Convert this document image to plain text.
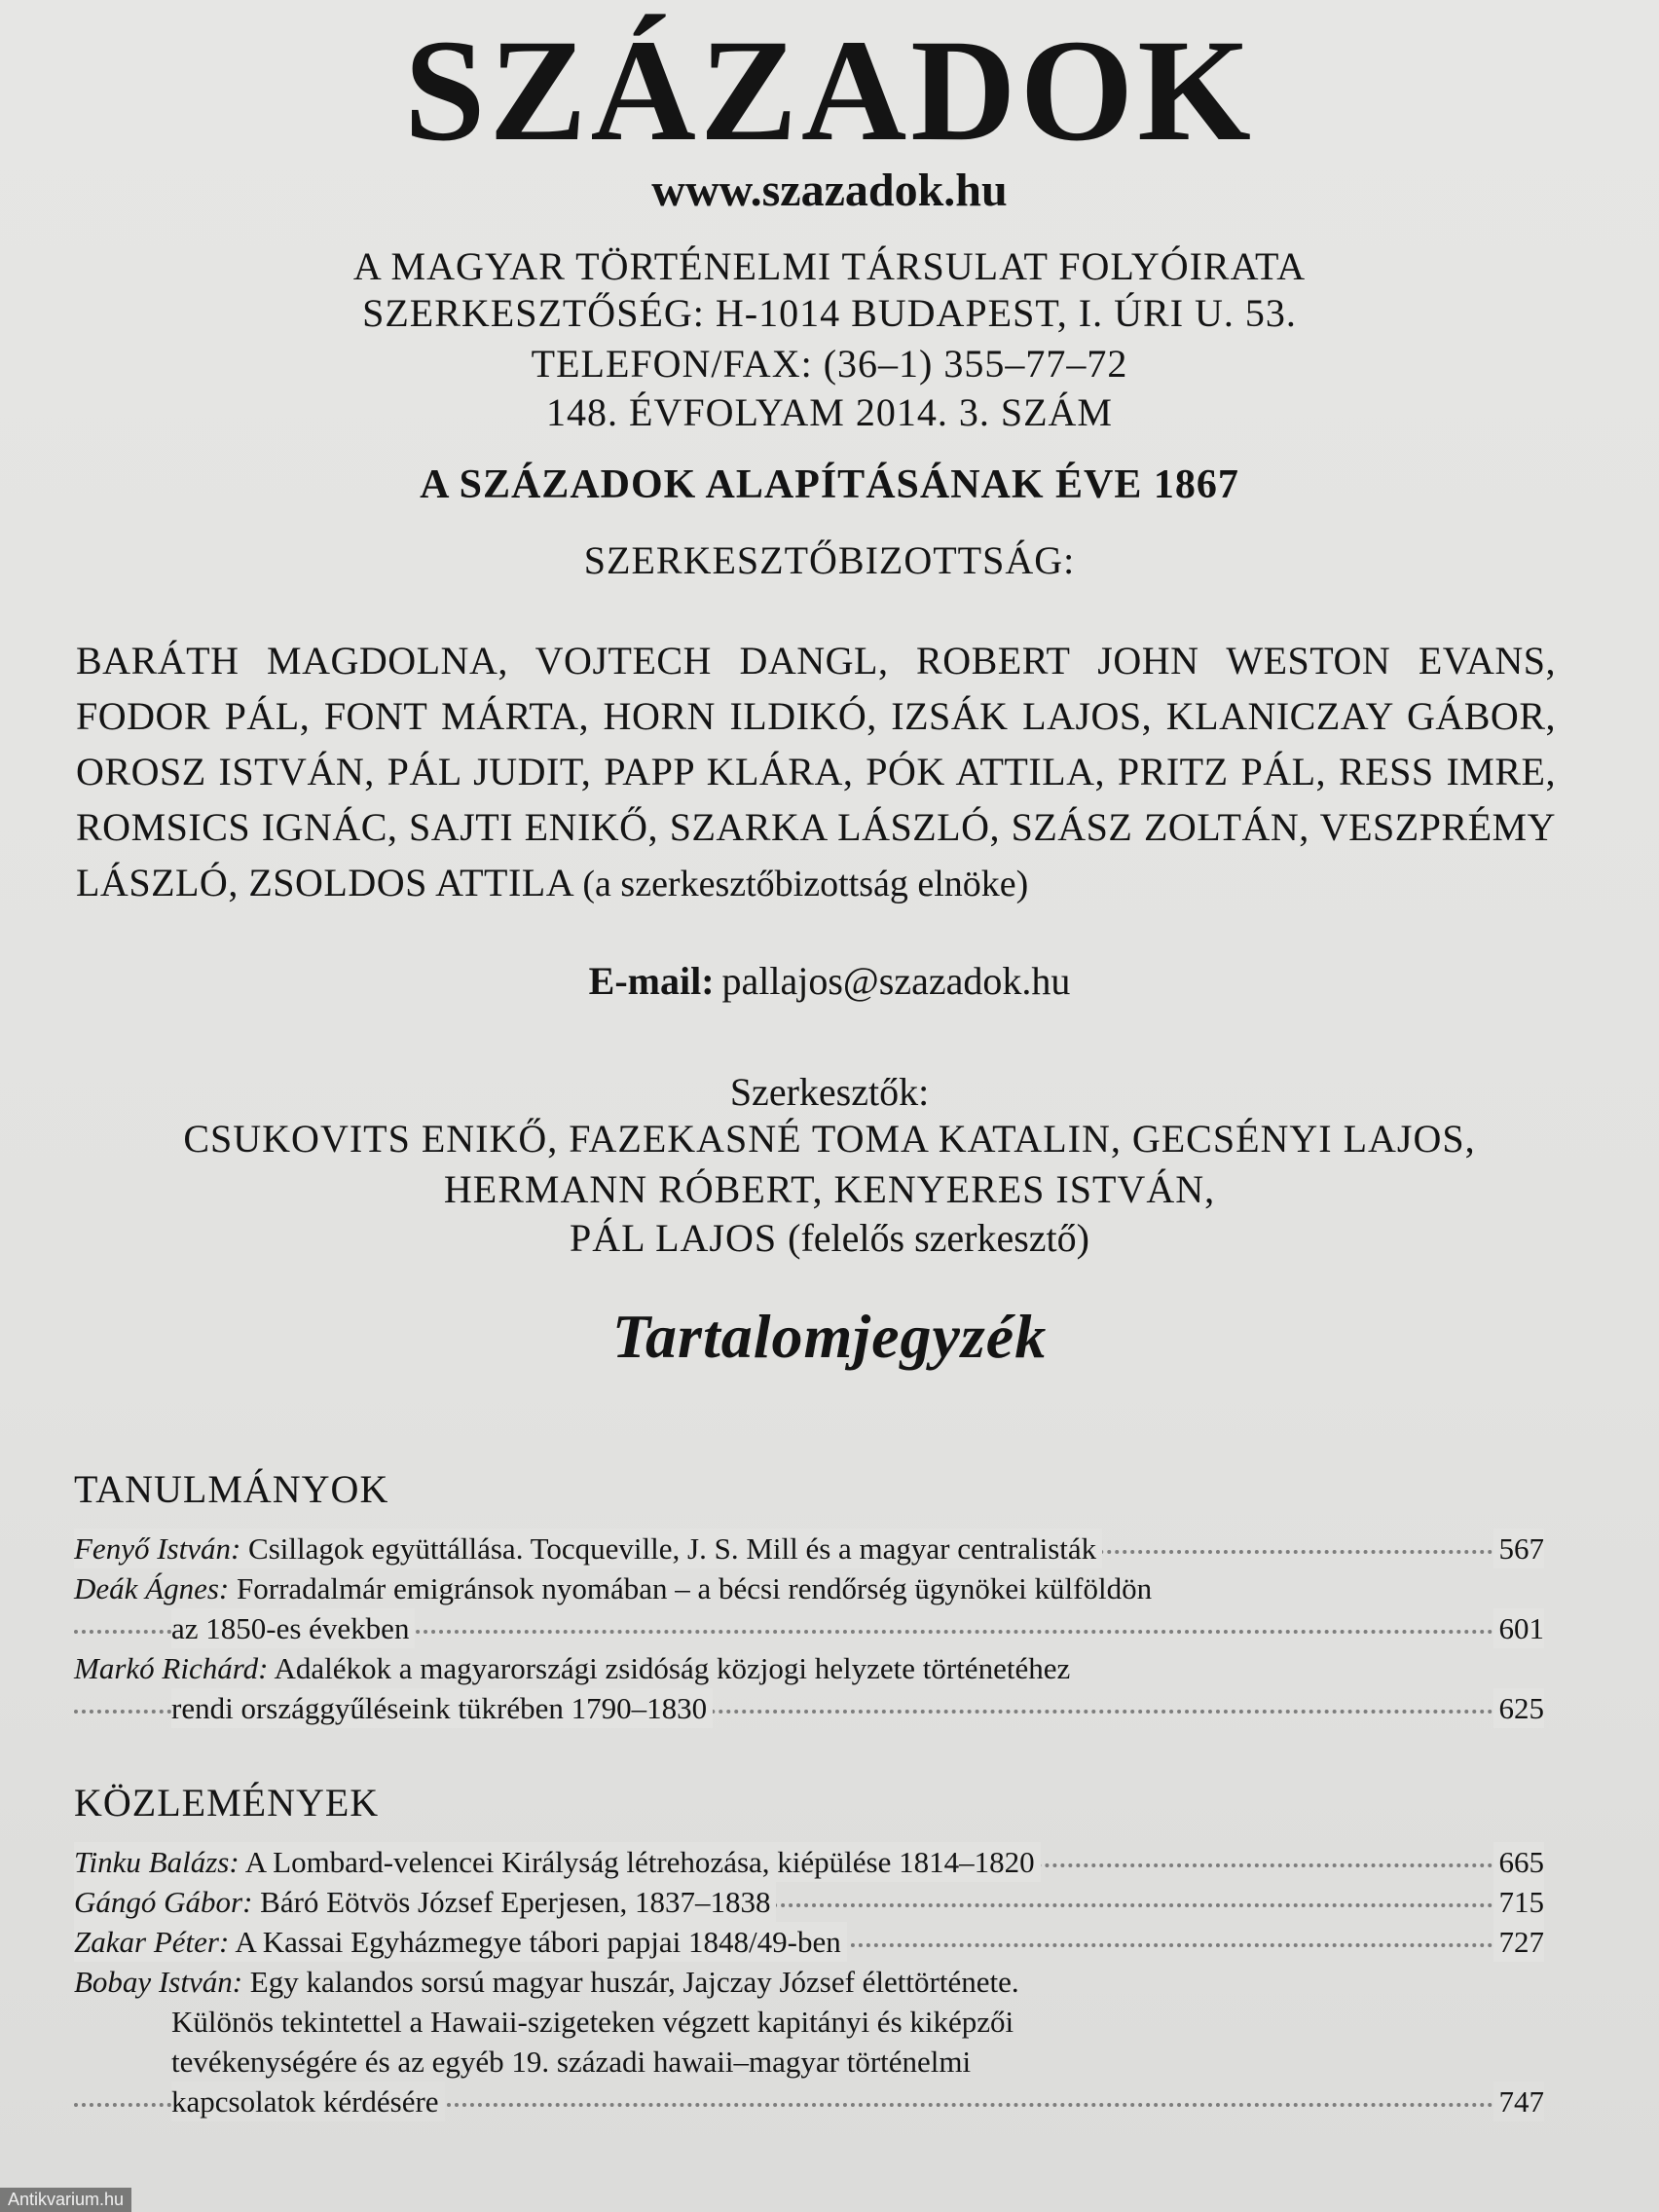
SZÁZADOK
www.szazadok.hu
A MAGYAR TÖRTÉNELMI TÁRSULAT FOLYÓIRATA
SZERKESZTŐSÉG: H-1014 BUDAPEST, I. ÚRI U. 53.
TELEFON/FAX: (36–1) 355–77–72
148. ÉVFOLYAM 2014. 3. SZÁM
A SZÁZADOK ALAPÍTÁSÁNAK ÉVE 1867
SZERKESZTŐBIZOTTSÁG:
BARÁTH MAGDOLNA, VOJTECH DANGL, ROBERT JOHN WESTON EVANS, FODOR PÁL, FONT MÁRTA, HORN ILDIKÓ, IZSÁK LAJOS, KLANICZAY GÁBOR, OROSZ ISTVÁN, PÁL JUDIT, PAPP KLÁRA, PÓK ATTILA, PRITZ PÁL, RESS IMRE, ROMSICS IGNÁC, SAJTI ENIKŐ, SZARKA LÁSZLÓ, SZÁSZ ZOLTÁN, VESZPRÉMY LÁSZLÓ, ZSOLDOS ATTILA (a szerkesztőbizottság elnöke)
E-mail: pallajos@szazadok.hu
Szerkesztők:
CSUKOVITS ENIKŐ, FAZEKASNÉ TOMA KATALIN, GECSÉNYI LAJOS,
HERMANN RÓBERT, KENYERES ISTVÁN,
PÁL LAJOS (felelős szerkesztő)
Tartalomjegyzék
TANULMÁNYOK
Fenyő István: Csillagok együttállása. Tocqueville, J. S. Mill és a magyar centralisták	567
Deák Ágnes: Forradalmár emigránsok nyomában – a bécsi rendőrség ügynökei külföldön
az 1850-es években	601
Markó Richárd: Adalékok a magyarországi zsidóság közjogi helyzete történetéhez
rendi országgyűléseink tükrében 1790–1830	625
KÖZLEMÉNYEK
Tinku Balázs: A Lombard-velencei Királyság létrehozása, kiépülése 1814–1820	665
Gángó Gábor: Báró Eötvös József Eperjesen, 1837–1838	715
Zakar Péter: A Kassai Egyházmegye tábori papjai 1848/49-ben	727
Bobay István: Egy kalandos sorsú magyar huszár, Jajczay József élettörténete.
Különös tekintettel a Hawaii-szigeteken végzett kapitányi és kiképzői
tevékenységére és az egyéb 19. századi hawaii–magyar történelmi
kapcsolatok kérdésére	747
Antikvarium.hu
